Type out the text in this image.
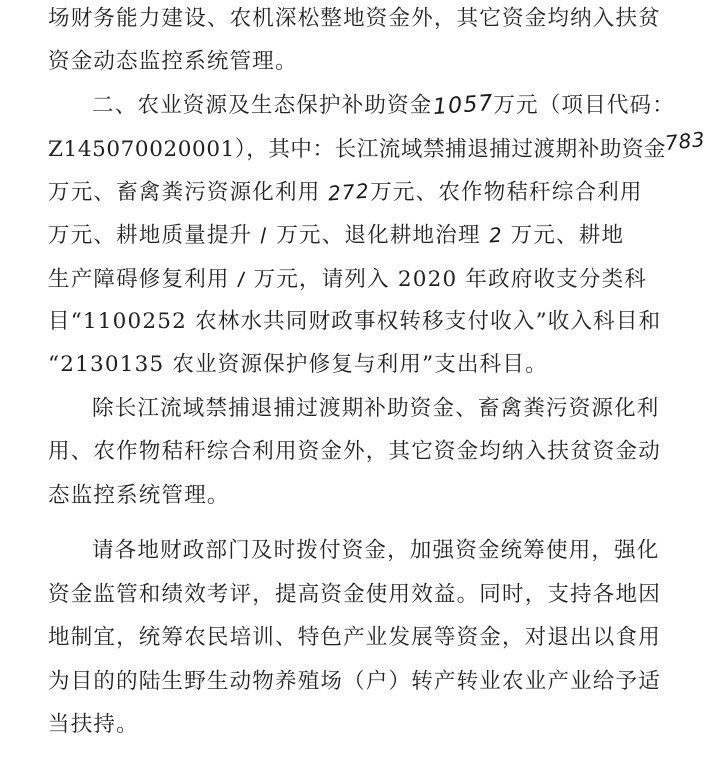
场财务能力建设、农机深松整地资金外，其它资金均纳入扶贫
资金动态监控系统管理。
二、农业资源及生态保护补助资金1057万元（项目代码：
Z145070020001），其中：长江流域禁捕退捕过渡期补助资金783
万元、畜禽粪污资源化利用 272万元、农作物秸秆综合利用
万元、耕地质量提升 \ 万元、退化耕地治理 2 万元、耕地
生产障碍修复利用 \ 万元，请列入 2020 年政府收支分类科
目“1100252 农林水共同财政事权转移支付收入”收入科目和
“2130135 农业资源保护修复与利用”支出科目。
除长江流域禁捕退捕过渡期补助资金、畜禽粪污资源化利
用、农作物秸秆综合利用资金外，其它资金均纳入扶贫资金动
态监控系统管理。
请各地财政部门及时拨付资金，加强资金统筹使用，强化
资金监管和绩效考评，提高资金使用效益。同时，支持各地因
地制宜，统筹农民培训、特色产业发展等资金，对退出以食用
为目的的陆生野生动物养殖场（户）转产转业农业产业给予适
当扶持。
